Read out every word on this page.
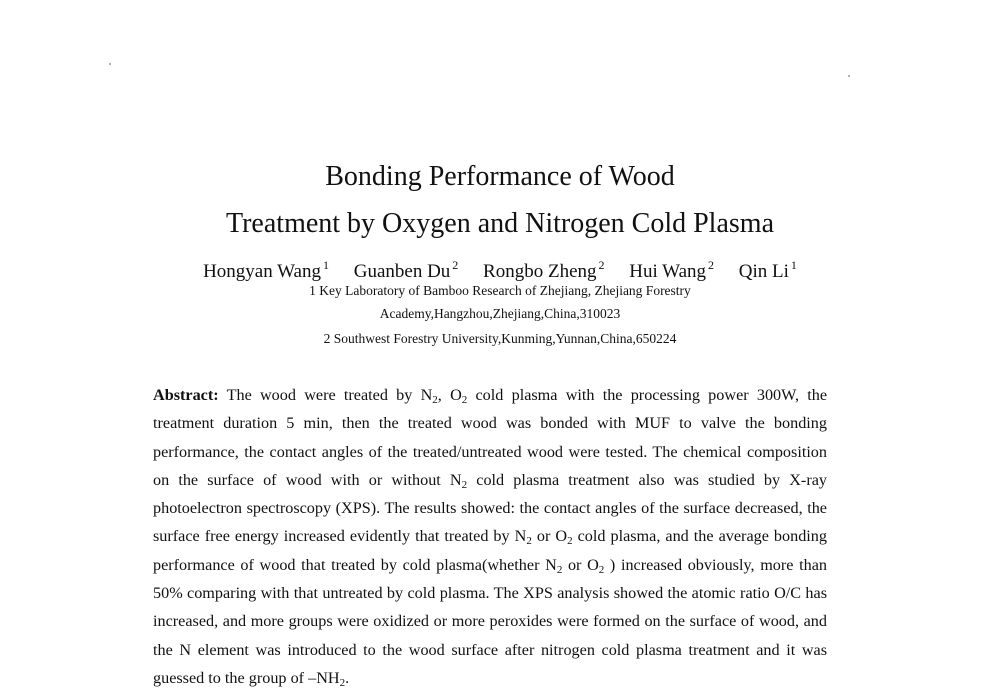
Bonding Performance of Wood
Treatment by Oxygen and Nitrogen Cold Plasma
Hongyan Wang $^1$ Guanben Du $^2$ Rongbo Zheng $^2$ Hui Wang $^2$ Qin Li $^1$
1 Key Laboratory of Bamboo Research of Zhejiang, Zhejiang Forestry
Academy,Hangzhou,Zhejiang,China,310023
2 Southwest Forestry University,Kunming,Yunnan,China,650224

Abstract: The wood were treated by $N_2$, $O_2$ cold plasma with the processing power 300W, the treatment duration 5 min, then the treated wood was bonded with MUF to valve the bonding performance, the contact angles of the treated/untreated wood were tested. The chemical composition on the surface of wood with or without $N_2$ cold plasma treatment also was studied by X-ray photoelectron spectroscopy (XPS). The results showed: the contact angles of the surface decreased, the surface free energy increased evidently that treated by $N_2$ or $O_2$ cold plasma, and the average bonding performance of wood that treated by cold plasma(whether $N_2$ or $O_2$ ) increased obviously, more than 50% comparing with that untreated by cold plasma. The XPS analysis showed the atomic ratio O/C has increased, and more groups were oxidized or more peroxides were formed on the surface of wood, and the N element was introduced to the wood surface after nitrogen cold plasma treatment and it was guessed to the group of $-NH_2$.
